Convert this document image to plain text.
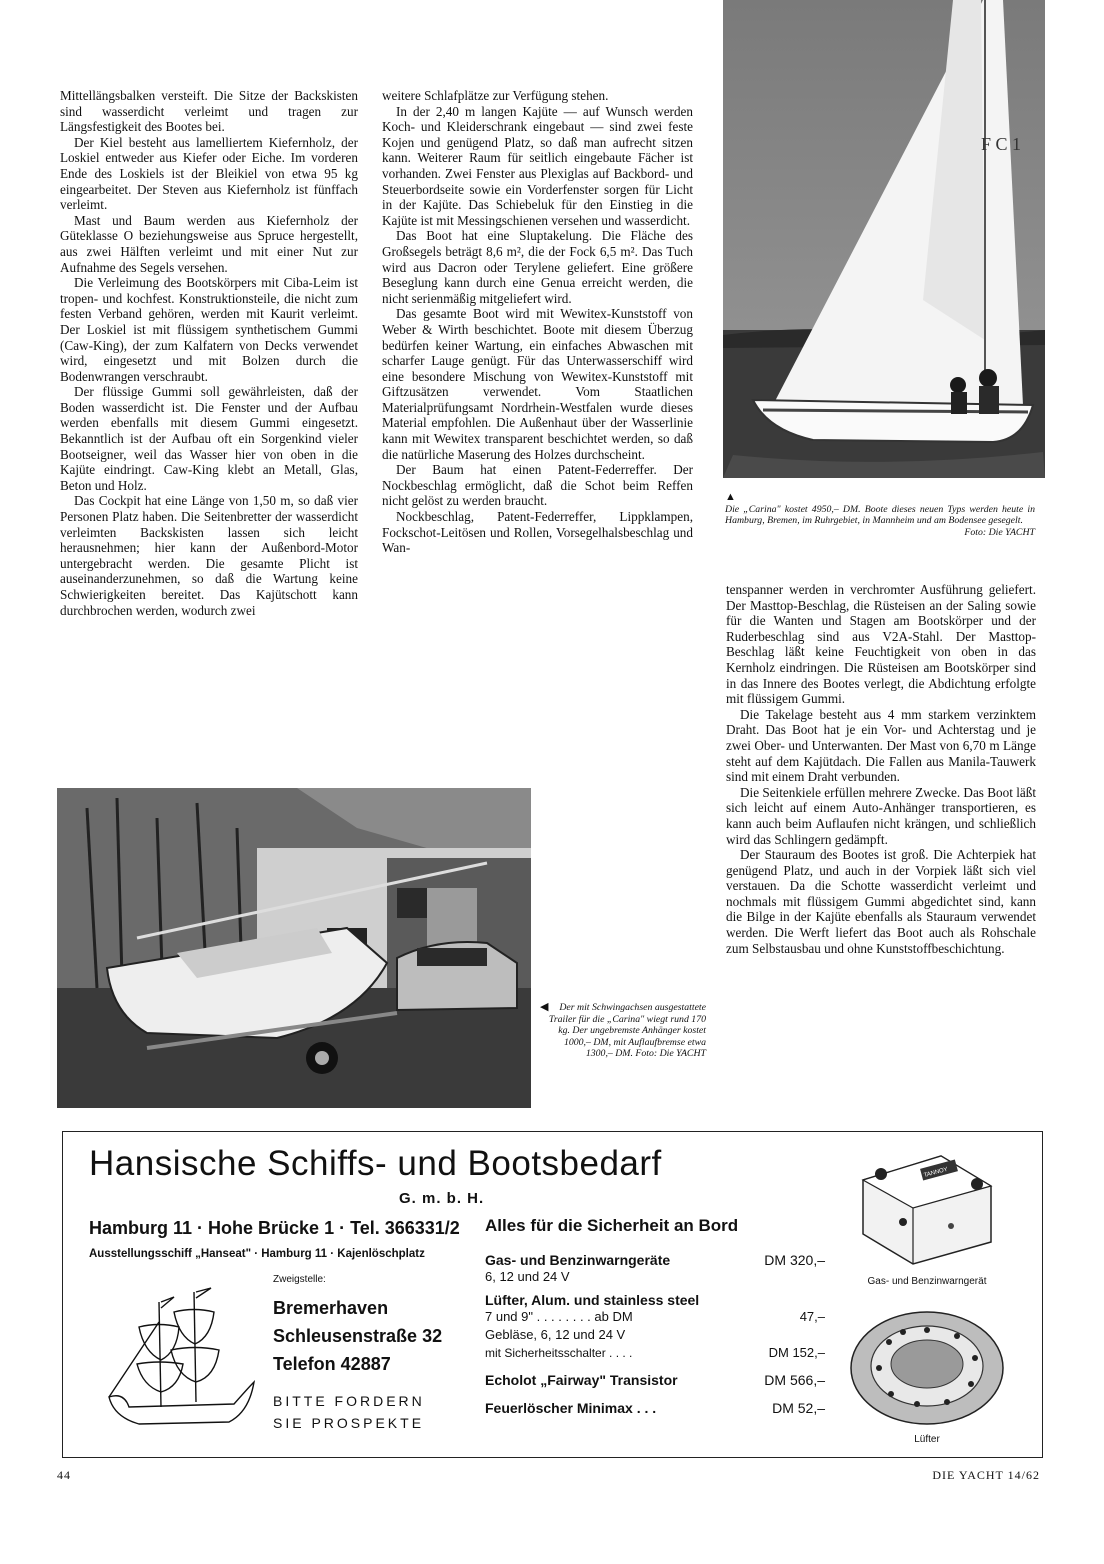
Mittellängsbalken versteift. Die Sitze der Backskisten sind wasserdicht verleimt und tragen zur Längsfestigkeit des Bootes bei.

Der Kiel besteht aus lamelliertem Kiefernholz, der Loskiel entweder aus Kiefer oder Eiche. Im vorderen Ende des Loskiels ist der Bleikiel von etwa 95 kg eingearbeitet. Der Steven aus Kiefernholz ist fünffach verleimt.

Mast und Baum werden aus Kiefernholz der Güteklasse O beziehungsweise aus Spruce hergestellt, aus zwei Hälften verleimt und mit einer Nut zur Aufnahme des Segels versehen.

Die Verleimung des Bootskörpers mit Ciba-Leim ist tropen- und kochfest. Konstruktionsteile, die nicht zum festen Verband gehören, werden mit Kaurit verleimt. Der Loskiel ist mit flüssigem synthetischem Gummi (Caw-King), der zum Kalfatern von Decks verwendet wird, eingesetzt und mit Bolzen durch die Bodenwrangen verschraubt.

Der flüssige Gummi soll gewährleisten, daß der Boden wasserdicht ist. Die Fenster und der Aufbau werden ebenfalls mit diesem Gummi eingesetzt. Bekanntlich ist der Aufbau oft ein Sorgenkind vieler Bootseigner, weil das Wasser hier von oben in die Kajüte eindringt. Caw-King klebt an Metall, Glas, Beton und Holz.

Das Cockpit hat eine Länge von 1,50 m, so daß vier Personen Platz haben. Die Seitenbretter der wasserdicht verleimten Backskisten lassen sich leicht herausnehmen; hier kann der Außenbord-Motor untergebracht werden. Die gesamte Plicht ist auseinanderzunehmen, so daß die Wartung keine Schwierigkeiten bereitet. Das Kajütschott kann durchbrochen werden, wodurch zwei

weitere Schlafplätze zur Verfügung stehen.

In der 2,40 m langen Kajüte — auf Wunsch werden Koch- und Kleiderschrank eingebaut — sind zwei feste Kojen und genügend Platz, so daß man aufrecht sitzen kann. Weiterer Raum für seitlich eingebaute Fächer ist vorhanden. Zwei Fenster aus Plexiglas auf Backbord- und Steuerbordseite sowie ein Vorderfenster sorgen für Licht in der Kajüte. Das Schiebeluk für den Einstieg in die Kajüte ist mit Messingschienen versehen und wasserdicht.

Das Boot hat eine Sluptakelung. Die Fläche des Großsegels beträgt 8,6 m², die der Fock 6,5 m². Das Tuch wird aus Dacron oder Terylene geliefert. Eine größere Beseglung kann durch eine Genua erreicht werden, die nicht serienmäßig mitgeliefert wird.

Das gesamte Boot wird mit Wewitex-Kunststoff von Weber & Wirth beschichtet. Boote mit diesem Überzug bedürfen keiner Wartung, ein einfaches Abwaschen mit scharfer Lauge genügt. Für das Unterwasserschiff wird eine besondere Mischung von Wewitex-Kunststoff mit Giftzusätzen verwendet. Vom Staatlichen Materialprüfungsamt Nordrhein-Westfalen wurde dieses Material empfohlen. Die Außenhaut über der Wasserlinie kann mit Wewitex transparent beschichtet werden, so daß die natürliche Maserung des Holzes durchscheint.

Der Baum hat einen Patent-Federreffer. Der Nockbeschlag ermöglicht, daß die Schot beim Reffen nicht gelöst zu werden braucht.

Nockbeschlag, Patent-Federreffer, Lippklampen, Fockschot-Leitösen und Rollen, Vorsegelhalsbeschlag und Wan-

F C 1
▲
Die „Carina" kostet 4950,– DM. Boote dieses neuen Typs werden heute in Hamburg, Bremen, im Ruhrgebiet, in Mannheim und am Bodensee gesegelt.
Foto: Die YACHT

tenspanner werden in verchromter Ausführung geliefert. Der Masttop-Beschlag, die Rüsteisen an der Saling sowie für die Wanten und Stagen am Bootskörper und der Ruderbeschlag sind aus V2A-Stahl. Der Masttop-Beschlag läßt keine Feuchtigkeit von oben in das Kernholz eindringen. Die Rüsteisen am Bootskörper sind in das Innere des Bootes verlegt, die Abdichtung erfolgte mit flüssigem Gummi.

Die Takelage besteht aus 4 mm starkem verzinktem Draht. Das Boot hat je ein Vor- und Achterstag und je zwei Ober- und Unterwanten. Der Mast von 6,70 m Länge steht auf dem Kajütdach. Die Fallen aus Manila-Tauwerk sind mit einem Draht verbunden.

Die Seitenkiele erfüllen mehrere Zwecke. Das Boot läßt sich leicht auf einem Auto-Anhänger transportieren, es kann auch beim Auflaufen nicht krängen, und schließlich wird das Schlingern gedämpft.

Der Stauraum des Bootes ist groß. Die Achterpiek hat genügend Platz, und auch in der Vorpiek läßt sich viel verstauen. Da die Schotte wasserdicht verleimt und nochmals mit flüssigem Gummi abgedichtet sind, kann die Bilge in der Kajüte ebenfalls als Stauraum verwendet werden. Die Werft liefert das Boot auch als Rohschale zum Selbstausbau und ohne Kunststoffbeschichtung.

◀ Der mit Schwingachsen ausgestattete Trailer für die „Carina" wiegt rund 170 kg. Der ungebremste Anhänger kostet 1000,– DM, mit Auflaufbremse etwa 1300,– DM. Foto: Die YACHT
Hansische Schiffs- und Bootsbedarf
G. m. b. H.
Hamburg 11 · Hohe Brücke 1 · Tel. 366331/2
Ausstellungsschiff „Hanseat" · Hamburg 11 · Kajenlöschplatz
Zweigstelle:
Bremerhaven
Schleusenstraße 32
Telefon 42887
BITTE FORDERN
SIE PROSPEKTE
Alles für die Sicherheit an Bord
Gas- und Benzinwarngeräte	DM 320,–
6, 12 und 24 V
Lüfter, Alum. und stainless steel
7 und 9" . . . . . . . . ab DM	47,–
Gebläse, 6, 12 und 24 V
mit Sicherheitsschalter . . . .	DM 152,–
Echolot „Fairway" Transistor	DM 566,–
Feuerlöscher Minimax . . .	DM 52,–
TANNOY
Gas- und Benzinwarngerät
Lüfter
44	DIE YACHT 14/62
